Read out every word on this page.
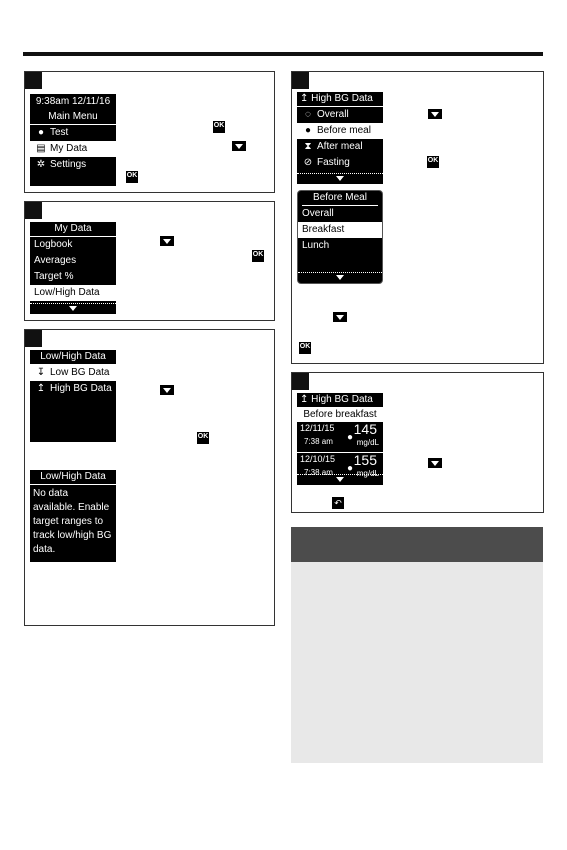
9:38am 12/11/16
Main Menu
● Test
▤ My Data
✲ Settings
OK
OK
My Data
Logbook
Averages
Target %
Low/High Data
OK
Low/High Data
↧ Low BG Data
↥ High BG Data
OK
Low/High Data
No data available. Enable target ranges to track low/high BG data.
↥ High BG Data
◌ Overall
● Before meal
⧗ After meal
⊘ Fasting	OK
Before Meal
Overall
Breakfast
Lunch
OK
↥ High BG Data
Before breakfast
12/11/15
7:38 am ●
145
mg/dL
12/10/15
7:38 am ●
155
mg/dL
↶
